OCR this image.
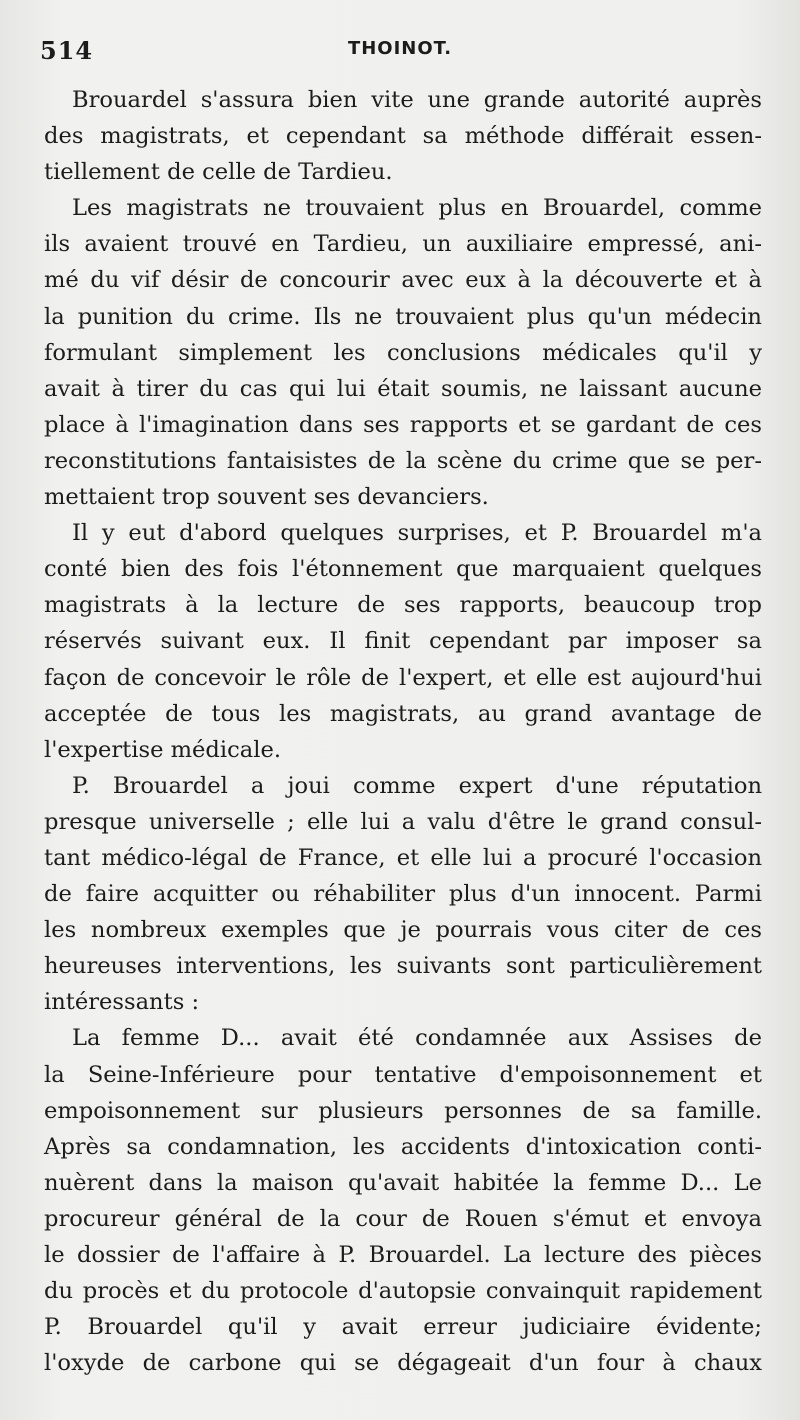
514	THOINOT.

Brouardel s'assura bien vite une grande autorité auprès
des magistrats, et cependant sa méthode différait essen-
tiellement de celle de Tardieu.

Les magistrats ne trouvaient plus en Brouardel, comme
ils avaient trouvé en Tardieu, un auxiliaire empressé, ani-
mé du vif désir de concourir avec eux à la découverte et à
la punition du crime. Ils ne trouvaient plus qu'un médecin
formulant simplement les conclusions médicales qu'il y
avait à tirer du cas qui lui était soumis, ne laissant aucune
place à l'imagination dans ses rapports et se gardant de ces
reconstitutions fantaisistes de la scène du crime que se per-
mettaient trop souvent ses devanciers.

Il y eut d'abord quelques surprises, et P. Brouardel m'a
conté bien des fois l'étonnement que marquaient quelques
magistrats à la lecture de ses rapports, beaucoup trop
réservés suivant eux. Il finit cependant par imposer sa
façon de concevoir le rôle de l'expert, et elle est aujourd'hui
acceptée de tous les magistrats, au grand avantage de
l'expertise médicale.

P. Brouardel a joui comme expert d'une réputation
presque universelle ; elle lui a valu d'être le grand consul-
tant médico-légal de France, et elle lui a procuré l'occasion
de faire acquitter ou réhabiliter plus d'un innocent. Parmi
les nombreux exemples que je pourrais vous citer de ces
heureuses interventions, les suivants sont particulièrement
intéressants :

La femme D... avait été condamnée aux Assises de
la Seine-Inférieure pour tentative d'empoisonnement et
empoisonnement sur plusieurs personnes de sa famille.
Après sa condamnation, les accidents d'intoxication conti-
nuèrent dans la maison qu'avait habitée la femme D... Le
procureur général de la cour de Rouen s'émut et envoya
le dossier de l'affaire à P. Brouardel. La lecture des pièces
du procès et du protocole d'autopsie convainquit rapidement
P. Brouardel qu'il y avait erreur judiciaire évidente;
l'oxyde de carbone qui se dégageait d'un four à chaux
